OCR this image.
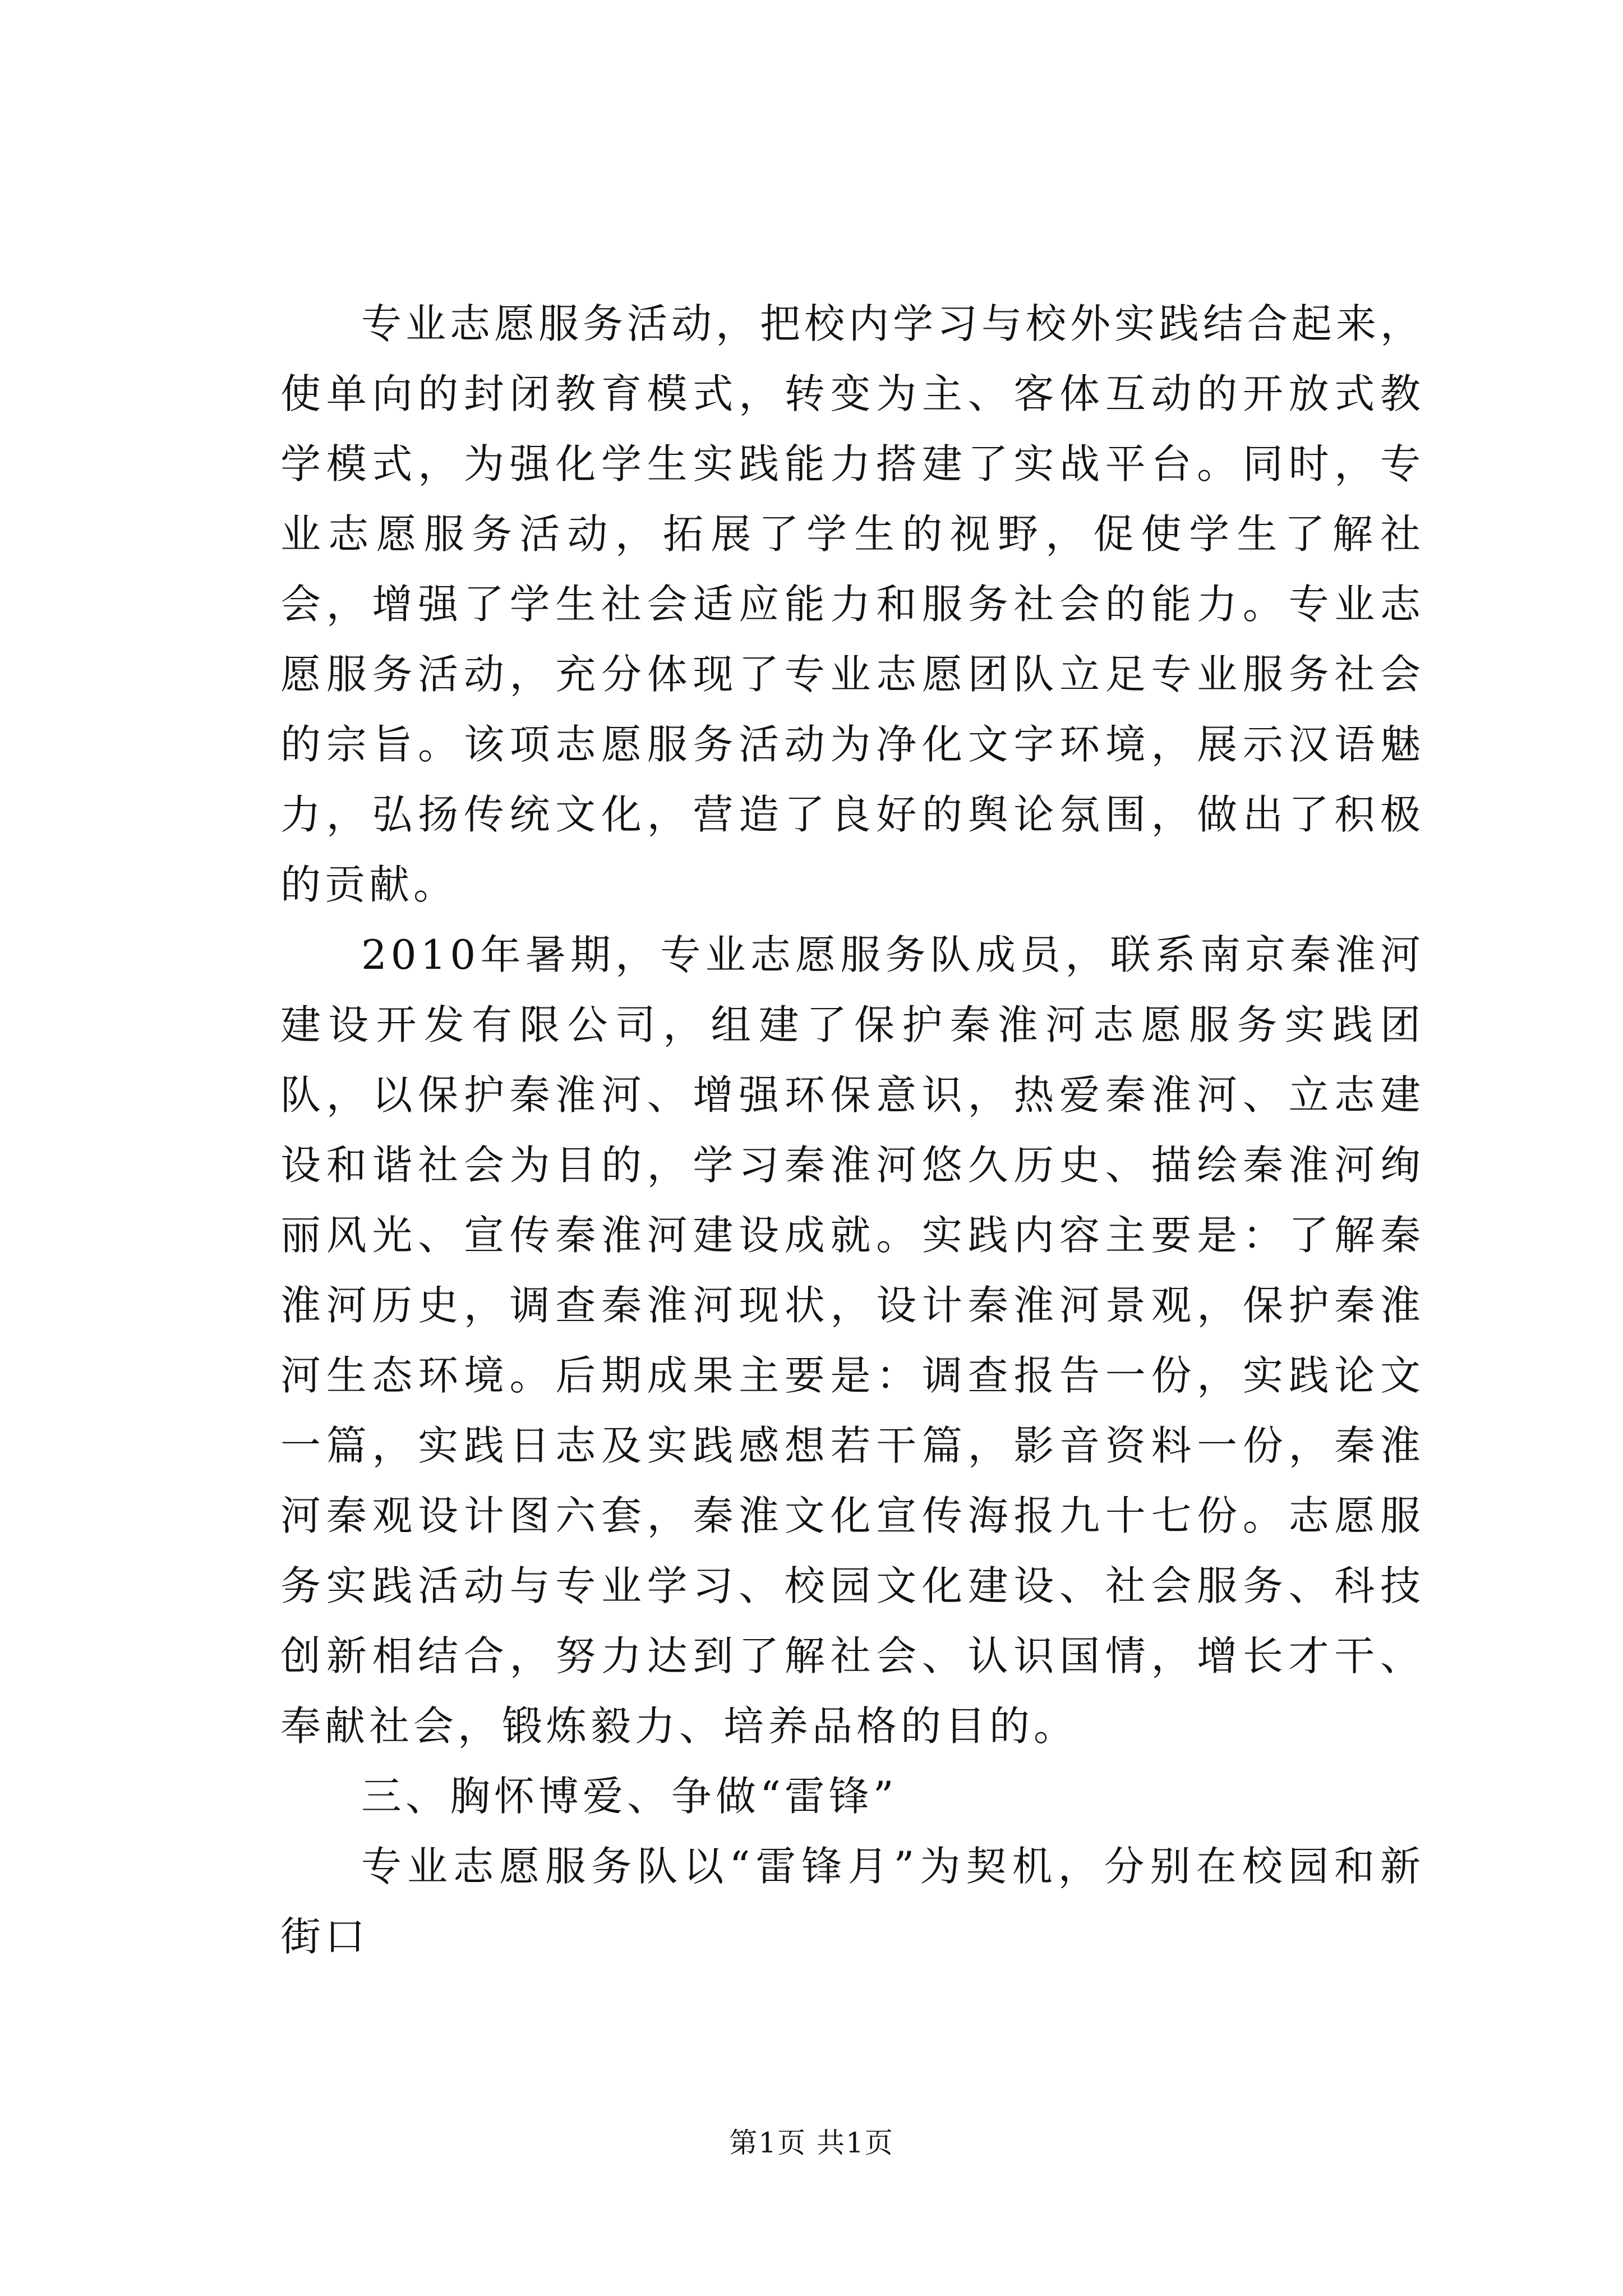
专业志愿服务活动，把校内学习与校外实践结合起来，使单向的封闭教育模式，转变为主、客体互动的开放式教学模式，为强化学生实践能力搭建了实战平台。同时，专业志愿服务活动，拓展了学生的视野，促使学生了解社会，增强了学生社会适应能力和服务社会的能力。专业志愿服务活动，充分体现了专业志愿团队立足专业服务社会的宗旨。该项志愿服务活动为净化文字环境，展示汉语魅力，弘扬传统文化，营造了良好的舆论氛围，做出了积极的贡献。

2010年暑期，专业志愿服务队成员，联系南京秦淮河建设开发有限公司，组建了保护秦淮河志愿服务实践团队，以保护秦淮河、增强环保意识，热爱秦淮河、立志建设和谐社会为目的，学习秦淮河悠久历史、描绘秦淮河绚丽风光、宣传秦淮河建设成就。实践内容主要是：了解秦淮河历史，调查秦淮河现状，设计秦淮河景观，保护秦淮河生态环境。后期成果主要是：调查报告一份，实践论文一篇，实践日志及实践感想若干篇，影音资料一份，秦淮河秦观设计图六套，秦淮文化宣传海报九十七份。志愿服务实践活动与专业学习、校园文化建设、社会服务、科技创新相结合，努力达到了解社会、认识国情，增长才干、奉献社会，锻炼毅力、培养品格的目的。

三、胸怀博爱、争做“雷锋”

专业志愿服务队以“雷锋月”为契机，分别在校园和新街口

第1页 共1页
